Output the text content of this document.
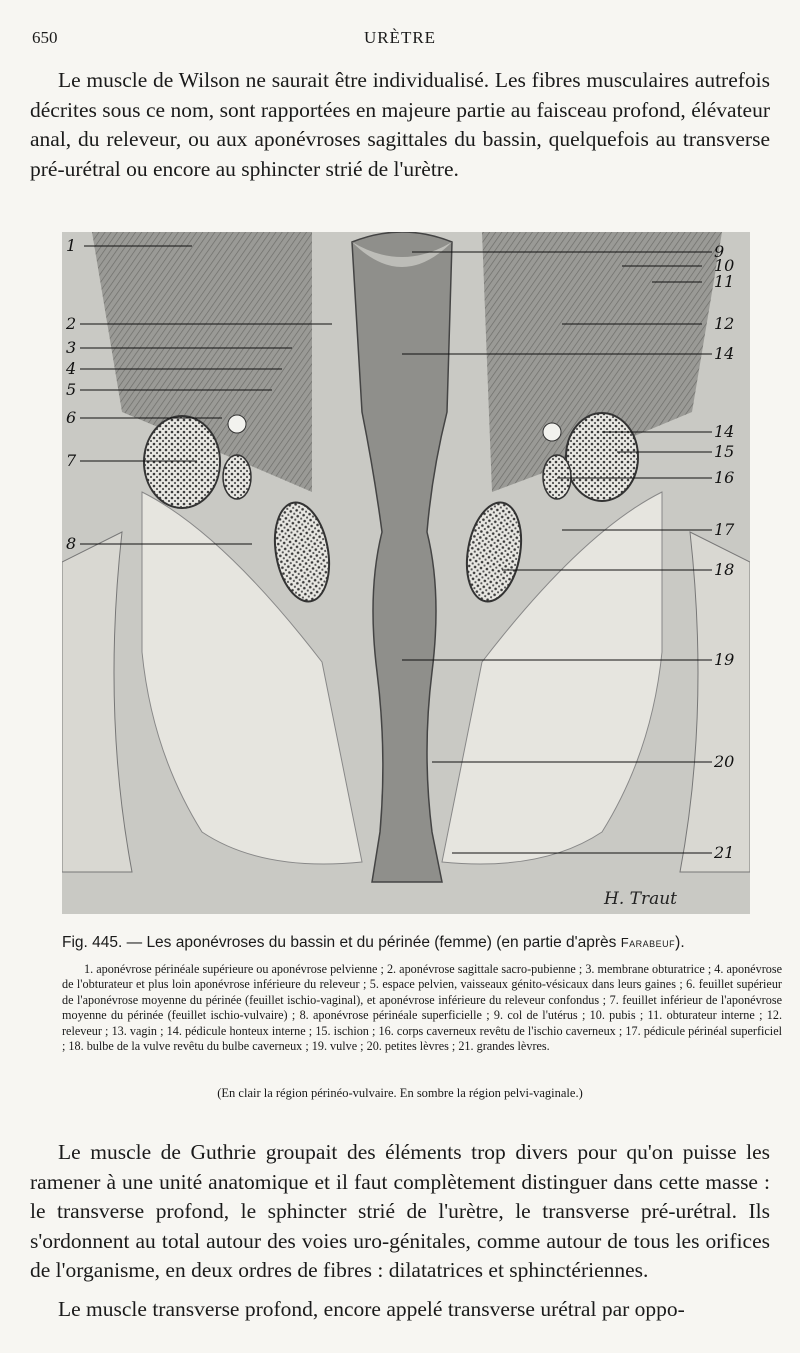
650	URÈTRE

Le muscle de Wilson ne saurait être individualisé. Les fibres musculaires autrefois décrites sous ce nom, sont rapportées en majeure partie au faisceau profond, élévateur anal, du releveur, ou aux aponévroses sagittales du bassin, quelquefois au transverse pré-urétral ou encore au sphincter strié de l'urètre.

1
2
3
4
5
6
7
8
9
10
11
12
14
14
15
16
17
18
19
20
21
H. Traut
Fig. 445. — Les aponévroses du bassin et du périnée (femme) (en partie d'après Farabeuf).

1. aponévrose périnéale supérieure ou aponévrose pelvienne ; 2. aponévrose sagittale sacro-pubienne ; 3. membrane obturatrice ; 4. aponévrose de l'obturateur et plus loin aponévrose inférieure du releveur ; 5. espace pelvien, vaisseaux génito-vésicaux dans leurs gaines ; 6. feuillet supérieur de l'aponévrose moyenne du périnée (feuillet ischio-vaginal), et aponévrose inférieure du releveur confondus ; 7. feuillet inférieur de l'aponévrose moyenne du périnée (feuillet ischio-vulvaire) ; 8. aponévrose périnéale superficielle ; 9. col de l'utérus ; 10. pubis ; 11. obturateur interne ; 12. releveur ; 13. vagin ; 14. pédicule honteux interne ; 15. ischion ; 16. corps caverneux revêtu de l'ischio caverneux ; 17. pédicule périnéal superficiel ; 18. bulbe de la vulve revêtu du bulbe caverneux ; 19. vulve ; 20. petites lèvres ; 21. grandes lèvres.

(En clair la région périnéo-vulvaire. En sombre la région pelvi-vaginale.)

Le muscle de Guthrie groupait des éléments trop divers pour qu'on puisse les ramener à une unité anatomique et il faut complètement distinguer dans cette masse : le transverse profond, le sphincter strié de l'urètre, le transverse pré-urétral. Ils s'ordonnent au total autour des voies uro-génitales, comme autour de tous les orifices de l'organisme, en deux ordres de fibres : dilatatrices et sphinctériennes.

Le muscle transverse profond, encore appelé transverse urétral par oppo-
